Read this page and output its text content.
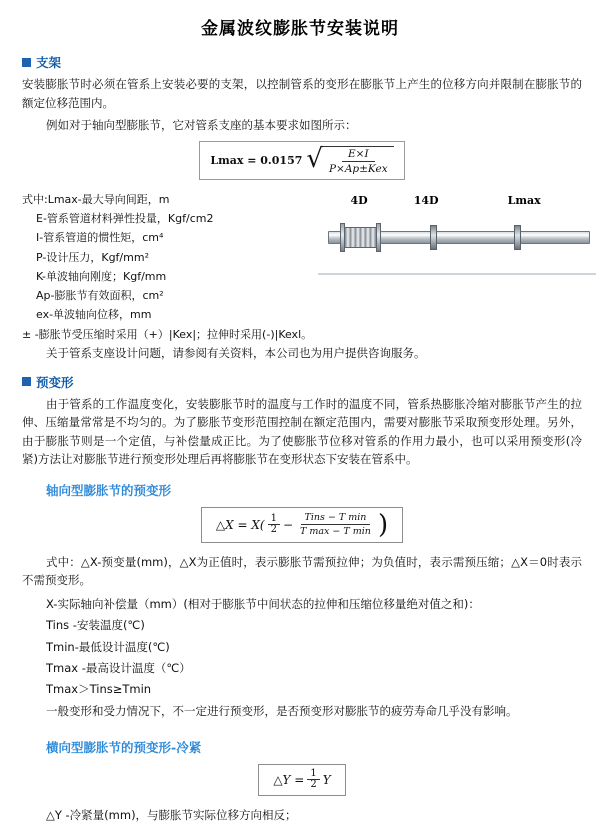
金属波纹膨胀节安装说明
支架

安装膨胀节时必须在管系上安装必要的支架，以控制管系的变形在膨胀节上产生的位移方向并限制在膨胀节的额定位移范围内。

例如对于轴向型膨胀节，它对管系支座的基本要求如图所示：

Lmax = 0.0157 √ $\frac{E\times I}{\text{P×Ap±Kex}}$
式中:Lmax-最大导向间距，m
E-管系管道材料弹性投量，Kgf/cm2
I-管系管道的惯性矩，cm⁴
P-设计压力，Kgf/mm²
K-单波轴向刚度；Kgf/mm
Ap-膨胀节有效面积，cm²
ex-单波轴向位移，mm
± -膨胀节受压缩时采用（+）|Kex|；拉伸时采用(-)|Kexl。
4D	14D	Lmax

关于管系支座设计问题，请参阅有关资料，本公司也为用户提供咨询服务。

预变形

由于管系的工作温度变化，安装膨胀节时的温度与工作时的温度不同，管系热膨胀冷缩对膨胀节产生的拉伸、压缩量常常是不均匀的。为了膨胀节变形范围控制在额定范围内，需要对膨胀节采取预变形处理。另外，由于膨胀节则是一个定值，与补偿量成正比。为了使膨胀节位移对管系的作用力最小，也可以采用预变形(冷紧)方法让对膨胀节进行预变形处理后再将膨胀节在变形状态下安装在管系中。

轴向型膨胀节的预变形
△X = X( 1
$2 - \frac{\text{Tins − T min}}{\text{T max − T min}}$ )

式中：△X-预变量(mm)，△X为正值时，表示膨胀节需预拉伸；为负值时，表示需预压缩；△X＝0时表示不需预变形。

X-实际轴向补偿量（mm）(相对于膨胀节中间状态的拉伸和压缩位移量绝对值之和)：
Tins -安装温度(℃)
Tmin-最低设计温度(℃)
Tmax -最高设计温度（℃）
Tmax＞Tins≥Tmin
一般变形和受力情况下，不一定进行预变形，是否预变形对膨胀节的疲劳寿命几乎没有影响。
横向型膨胀节的预变形-冷紧
△Y = $\frac{1}{2}$ Y
△Y -冷紧量(mm)，与膨胀节实际位移方向相反；
